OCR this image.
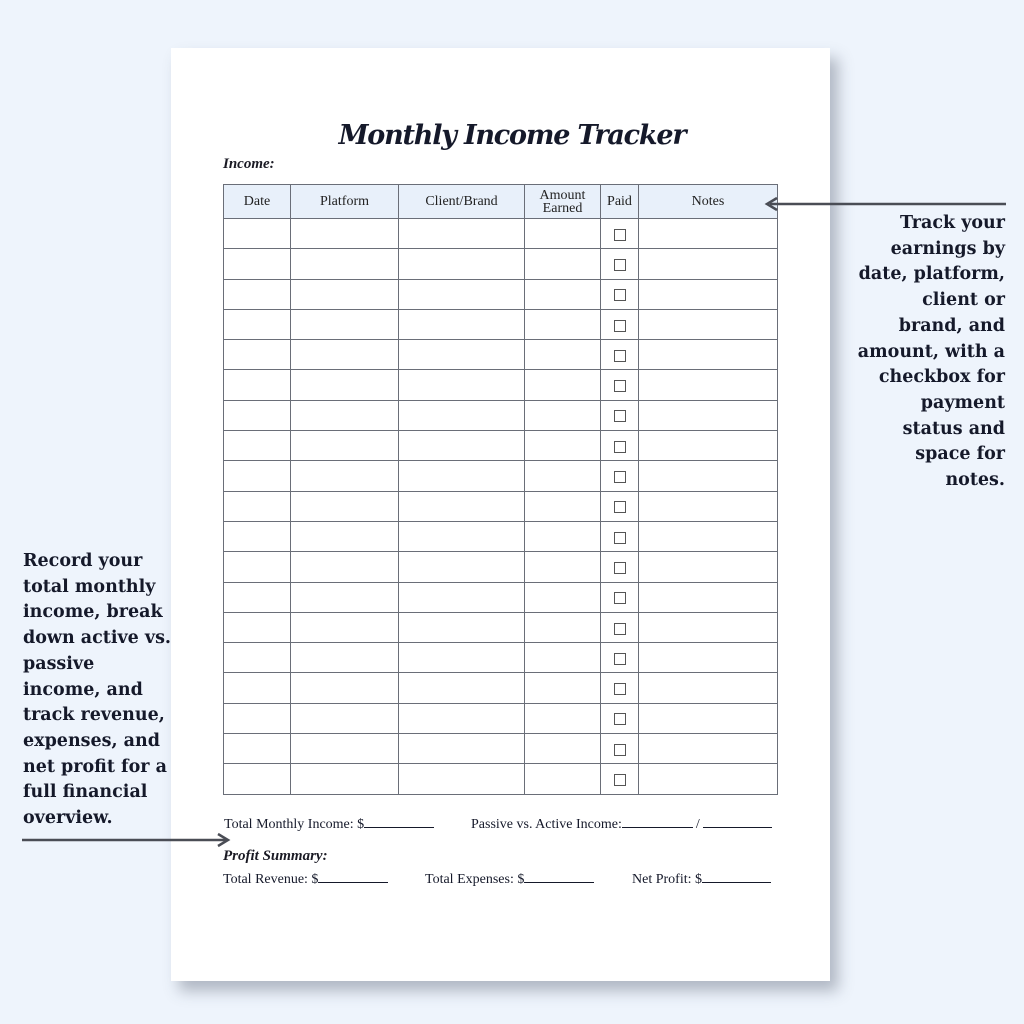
Monthly Income Tracker
Income:
Date	Platform	Client/Brand	Amount Earned	Paid	Notes

Total Monthly Income: $	Passive vs. Active Income:	/
Profit Summary:
Total Revenue: $	Total Expenses: $	Net Profit: $

Track your earnings by date, platform, client or brand, and amount, with a checkbox for payment status and space for notes.

Record your total monthly income, break down active vs. passive income, and track revenue, expenses, and net profit for a full financial overview.
